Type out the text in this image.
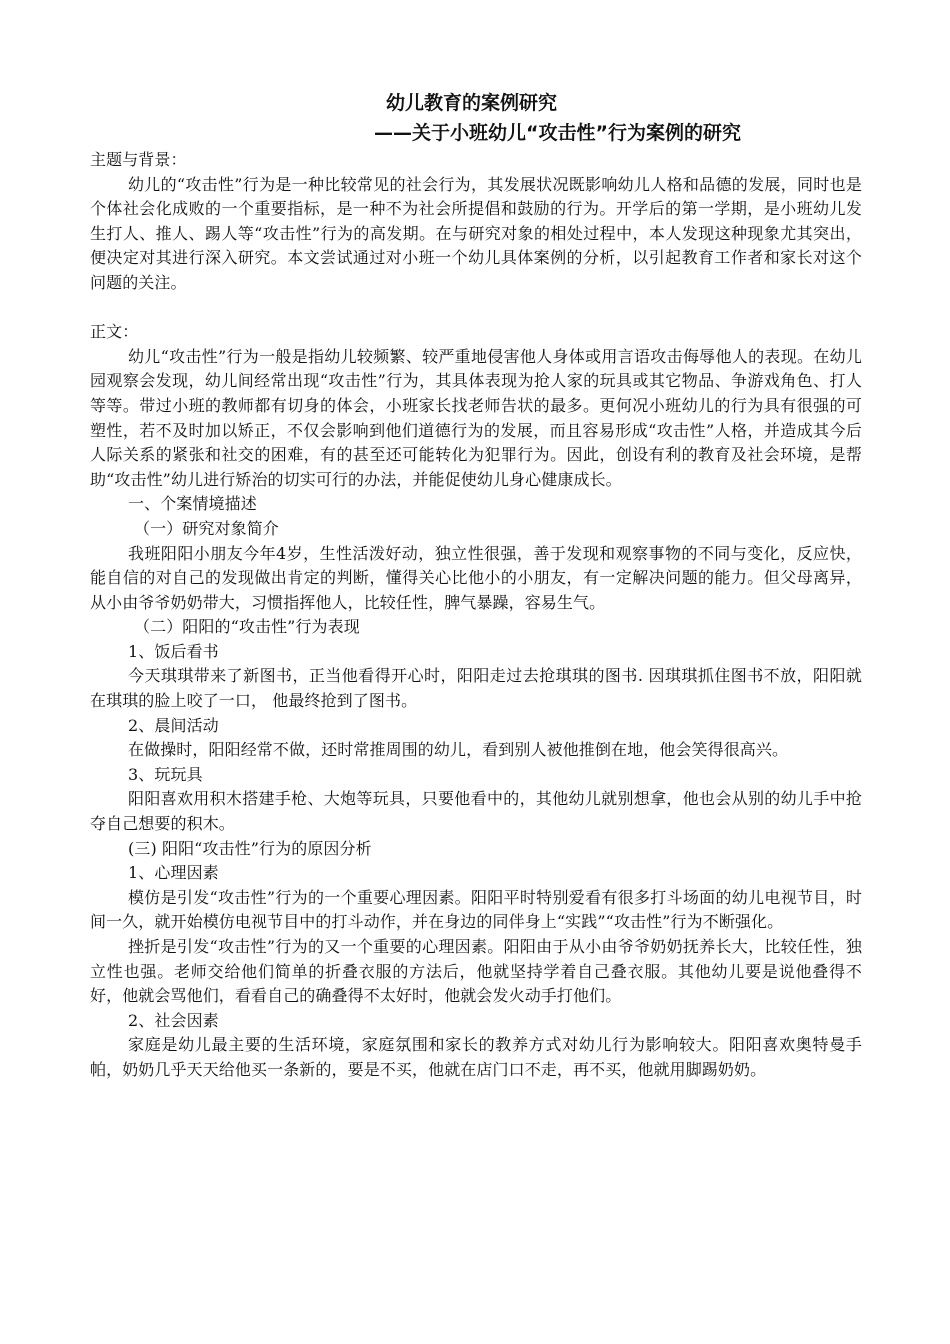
幼儿教育的案例研究
——关于小班幼儿“攻击性”行为案例的研究

主题与背景：

幼儿的“攻击性”行为是一种比较常见的社会行为，其发展状况既影响幼儿人格和品德的发展，同时也是个体社会化成败的一个重要指标，是一种不为社会所提倡和鼓励的行为。开学后的第一学期，是小班幼儿发生打人、推人、踢人等“攻击性”行为的高发期。在与研究对象的相处过程中，本人发现这种现象尤其突出，便决定对其进行深入研究。本文尝试通过对小班一个幼儿具体案例的分析，以引起教育工作者和家长对这个问题的关注。

正文：

幼儿“攻击性”行为一般是指幼儿较频繁、较严重地侵害他人身体或用言语攻击侮辱他人的表现。在幼儿园观察会发现，幼儿间经常出现“攻击性”行为，其具体表现为抢人家的玩具或其它物品、争游戏角色、打人等等。带过小班的教师都有切身的体会，小班家长找老师告状的最多。更何况小班幼儿的行为具有很强的可塑性，若不及时加以矫正，不仅会影响到他们道德行为的发展，而且容易形成“攻击性”人格，并造成其今后人际关系的紧张和社交的困难，有的甚至还可能转化为犯罪行为。因此，创设有利的教育及社会环境，是帮助“攻击性”幼儿进行矫治的切实可行的办法，并能促使幼儿身心健康成长。

一、个案情境描述

（一）研究对象简介

我班阳阳小朋友今年4岁，生性活泼好动，独立性很强，善于发现和观察事物的不同与变化，反应快，能自信的对自己的发现做出肯定的判断，懂得关心比他小的小朋友，有一定解决问题的能力。但父母离异，从小由爷爷奶奶带大，习惯指挥他人，比较任性，脾气暴躁，容易生气。

（二）阳阳的“攻击性”行为表现

1、饭后看书

今天琪琪带来了新图书，正当他看得开心时，阳阳走过去抢琪琪的图书. 因琪琪抓住图书不放，阳阳就在琪琪的脸上咬了一口， 他最终抢到了图书。

2、晨间活动

在做操时，阳阳经常不做，还时常推周围的幼儿，看到别人被他推倒在地，他会笑得很高兴。

3、玩玩具

阳阳喜欢用积木搭建手枪、大炮等玩具，只要他看中的，其他幼儿就别想拿，他也会从别的幼儿手中抢夺自己想要的积木。

(三) 阳阳“攻击性”行为的原因分析

1、心理因素

模仿是引发“攻击性”行为的一个重要心理因素。阳阳平时特别爱看有很多打斗场面的幼儿电视节目，时间一久，就开始模仿电视节目中的打斗动作，并在身边的同伴身上“实践”“攻击性”行为不断强化。

挫折是引发“攻击性”行为的又一个重要的心理因素。阳阳由于从小由爷爷奶奶抚养长大，比较任性，独立性也强。老师交给他们简单的折叠衣服的方法后，他就坚持学着自己叠衣服。其他幼儿要是说他叠得不好，他就会骂他们，看看自己的确叠得不太好时，他就会发火动手打他们。

2、社会因素

家庭是幼儿最主要的生活环境，家庭氛围和家长的教养方式对幼儿行为影响较大。阳阳喜欢奥特曼手帕，奶奶几乎天天给他买一条新的，要是不买，他就在店门口不走，再不买，他就用脚踢奶奶。
